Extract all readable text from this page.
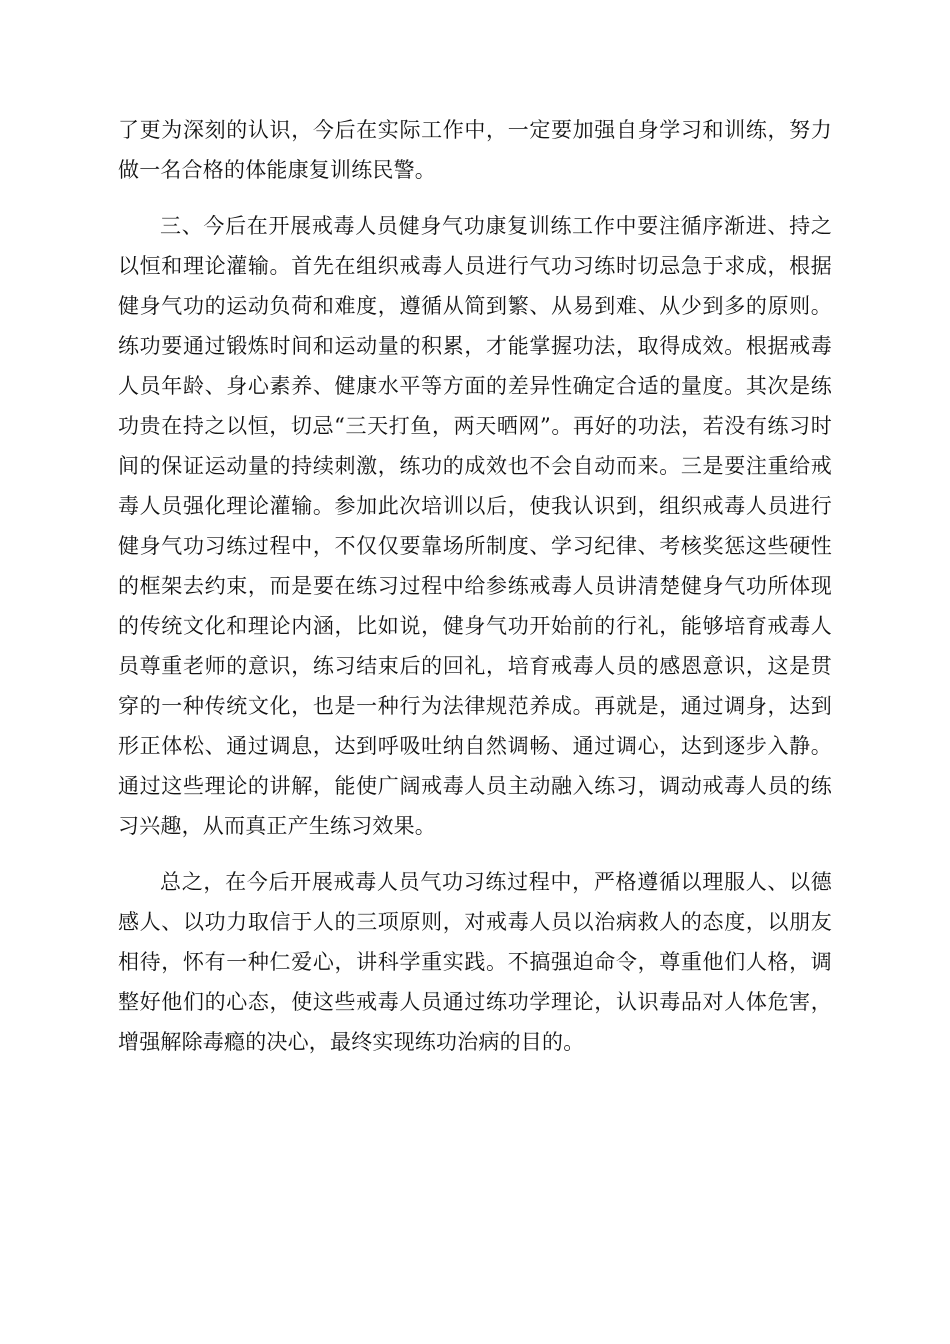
了更为深刻的认识，今后在实际工作中，一定要加强自身学习和训练，努力做一名合格的体能康复训练民警。

三、今后在开展戒毒人员健身气功康复训练工作中要注循序渐进、持之以恒和理论灌输。首先在组织戒毒人员进行气功习练时切忌急于求成，根据健身气功的运动负荷和难度，遵循从简到繁、从易到难、从少到多的原则。练功要通过锻炼时间和运动量的积累，才能掌握功法，取得成效。根据戒毒人员年龄、身心素养、健康水平等方面的差异性确定合适的量度。其次是练功贵在持之以恒，切忌“三天打鱼，两天晒网”。再好的功法，若没有练习时间的保证运动量的持续刺激，练功的成效也不会自动而来。三是要注重给戒毒人员强化理论灌输。参加此次培训以后，使我认识到，组织戒毒人员进行健身气功习练过程中，不仅仅要靠场所制度、学习纪律、考核奖惩这些硬性的框架去约束，而是要在练习过程中给参练戒毒人员讲清楚健身气功所体现的传统文化和理论内涵，比如说，健身气功开始前的行礼，能够培育戒毒人员尊重老师的意识，练习结束后的回礼，培育戒毒人员的感恩意识，这是贯穿的一种传统文化，也是一种行为法律规范养成。再就是，通过调身，达到形正体松、通过调息，达到呼吸吐纳自然调畅、通过调心，达到逐步入静。通过这些理论的讲解，能使广阔戒毒人员主动融入练习，调动戒毒人员的练习兴趣，从而真正产生练习效果。

总之，在今后开展戒毒人员气功习练过程中，严格遵循以理服人、以德感人、以功力取信于人的三项原则，对戒毒人员以治病救人的态度，以朋友相待，怀有一种仁爱心，讲科学重实践。不搞强迫命令，尊重他们人格，调整好他们的心态，使这些戒毒人员通过练功学理论，认识毒品对人体危害，增强解除毒瘾的决心，最终实现练功治病的目的。
